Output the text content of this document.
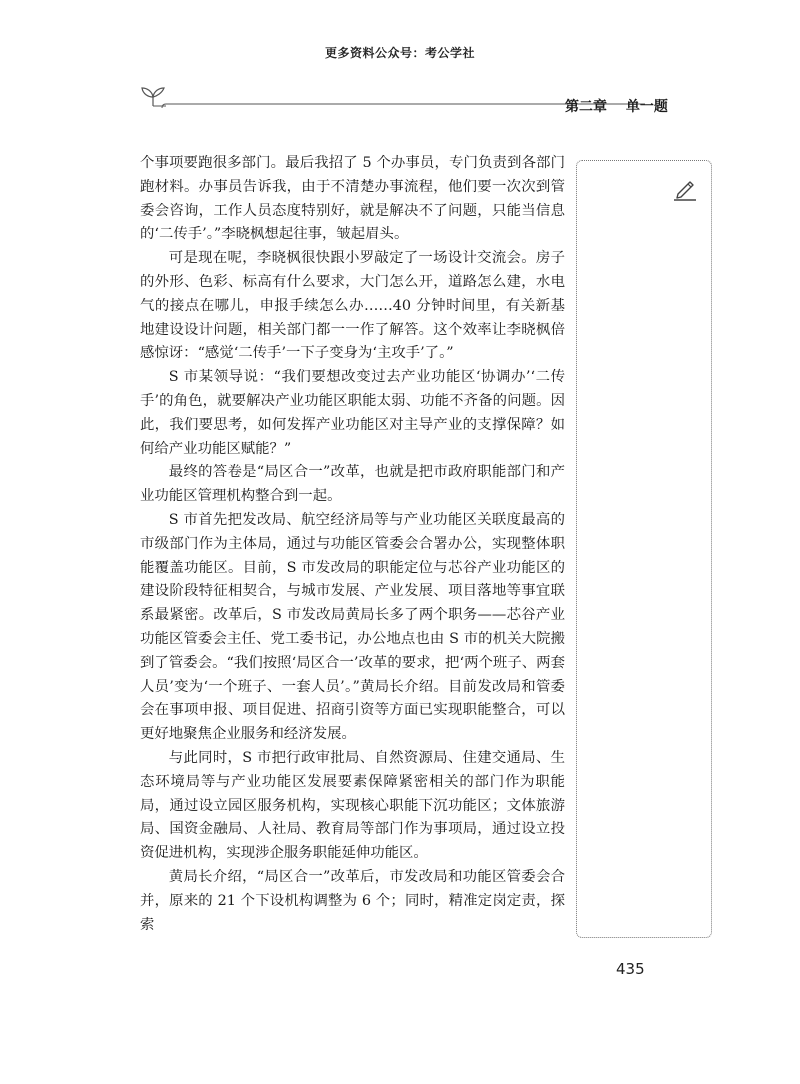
更多资料公众号：考公学社
第二章 单一题

个事项要跑很多部门。最后我招了 5 个办事员，专门负责到各部门跑材料。办事员告诉我，由于不清楚办事流程，他们要一次次到管委会咨询，工作人员态度特别好，就是解决不了问题，只能当信息的‘二传手’。”李晓枫想起往事，皱起眉头。

可是现在呢，李晓枫很快跟小罗敲定了一场设计交流会。房子的外形、色彩、标高有什么要求，大门怎么开，道路怎么建，水电气的接点在哪儿，申报手续怎么办……40 分钟时间里，有关新基地建设设计问题，相关部门都一一作了解答。这个效率让李晓枫倍感惊讶：“感觉‘二传手’一下子变身为‘主攻手’了。”

S 市某领导说：“我们要想改变过去产业功能区‘协调办’‘二传手’的角色，就要解决产业功能区职能太弱、功能不齐备的问题。因此，我们要思考，如何发挥产业功能区对主导产业的支撑保障？如何给产业功能区赋能？”

最终的答卷是“局区合一”改革，也就是把市政府职能部门和产业功能区管理机构整合到一起。

S 市首先把发改局、航空经济局等与产业功能区关联度最高的市级部门作为主体局，通过与功能区管委会合署办公，实现整体职能覆盖功能区。目前，S 市发改局的职能定位与芯谷产业功能区的建设阶段特征相契合，与城市发展、产业发展、项目落地等事宜联系最紧密。改革后，S 市发改局黄局长多了两个职务——芯谷产业功能区管委会主任、党工委书记，办公地点也由 S 市的机关大院搬到了管委会。“我们按照‘局区合一’改革的要求，把‘两个班子、两套人员’变为‘一个班子、一套人员’。”黄局长介绍。目前发改局和管委会在事项申报、项目促进、招商引资等方面已实现职能整合，可以更好地聚焦企业服务和经济发展。

与此同时，S 市把行政审批局、自然资源局、住建交通局、生态环境局等与产业功能区发展要素保障紧密相关的部门作为职能局，通过设立园区服务机构，实现核心职能下沉功能区；文体旅游局、国资金融局、人社局、教育局等部门作为事项局，通过设立投资促进机构，实现涉企服务职能延伸功能区。

黄局长介绍，“局区合一”改革后，市发改局和功能区管委会合并，原来的 21 个下设机构调整为 6 个；同时，精准定岗定责，探索

435
